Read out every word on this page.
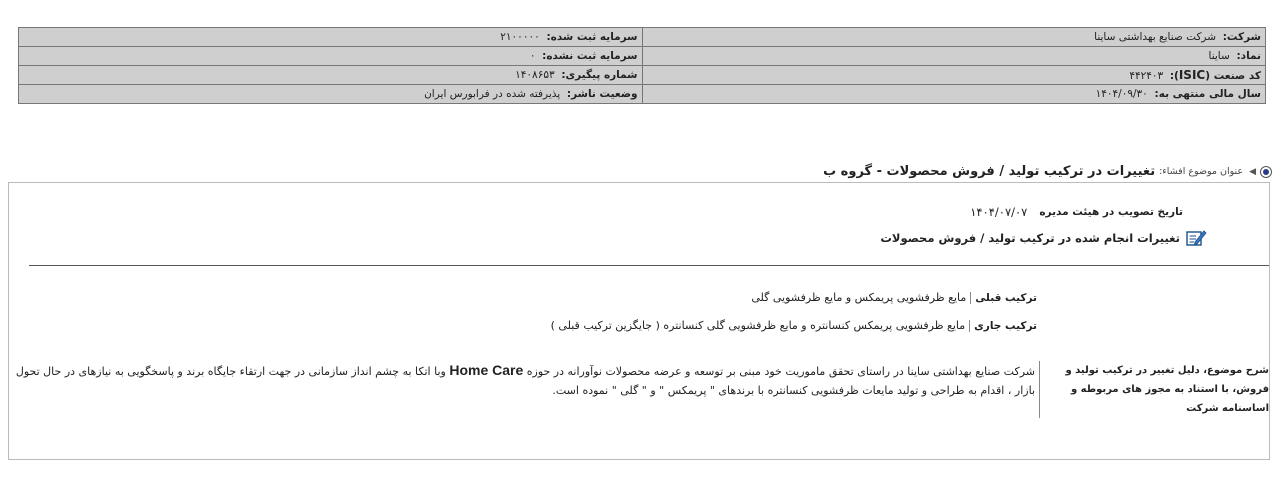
شرکت:  شرکت صنایع بهداشتی ساینا	سرمایه ثبت شده:  ۲۱۰۰۰۰۰
نماد:  ساینا	سرمایه ثبت نشده:  ۰
کد صنعت (ISIC):  ۴۴۲۴۰۳	شماره پیگیری:  ۱۴۰۸۶۵۳
سال مالی منتهی به:  ۱۴۰۴/۰۹/۳۰	وضعیت ناشر:  پذیرفته شده در فرابورس ایران
◀
عنوان موضوع افشاء:
تغییرات در ترکیب تولید / فروش محصولات - گروه ب
تاریخ تصویب در هیئت مدیره
۱۴۰۴/۰۷/۰۷
تغییرات انجام شده در ترکیب تولید / فروش محصولات
ترکیب قبلی
مایع ظرفشویی پریمکس و مایع ظرفشویی گلی
ترکیب جاری
مایع ظرفشویی پریمکس کنسانتره و مایع ظرفشویی گلی کنسانتره ( جایگزین ترکیب قبلی )
شرح موضوع، دلیل تغییر در ترکیب تولید و فروش، با استناد به مجوز های مربوطه و اساسنامه شرکت
شرکت صنایع بهداشتی ساینا در راستای تحقق ماموریت خود مبنی بر توسعه و عرضه محصولات نوآورانه در حوزه Home Care وبا اتکا به چشم انداز سازمانی در جهت ارتقاء جایگاه برند و پاسخگویی به نیازهای در حال تحول بازار ، اقدام به طراحی و تولید مایعات ظرفشویی کنسانتره با برندهای " پریمکس " و " گلی " نموده است.
